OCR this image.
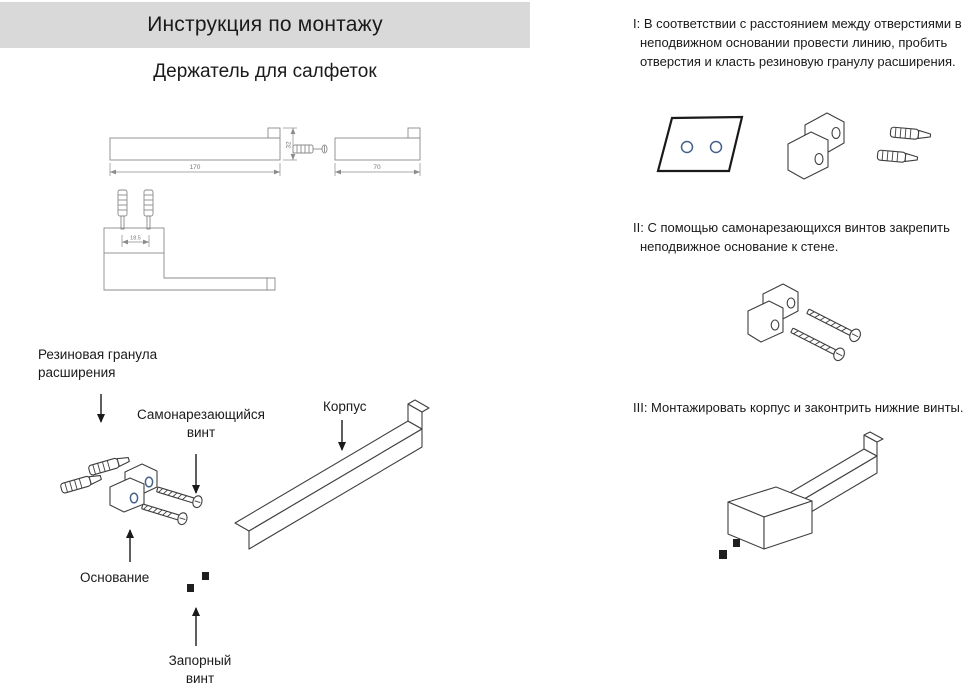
Инструкция по монтажу
Держатель для салфеток
170
32
70
18.5
Резиновая гранула расширения
Самонарезающийся винт
Корпус
Основание
Запорный винт
I: В соответствии с расстоянием между отверстиями в неподвижном основании провести линию, пробить отверстия и класть резиновую гранулу расширения.
II: С помощью самонарезающихся винтов закрепить неподвижное основание к стене.
III: Монтажировать корпус и законтрить нижние винты.
